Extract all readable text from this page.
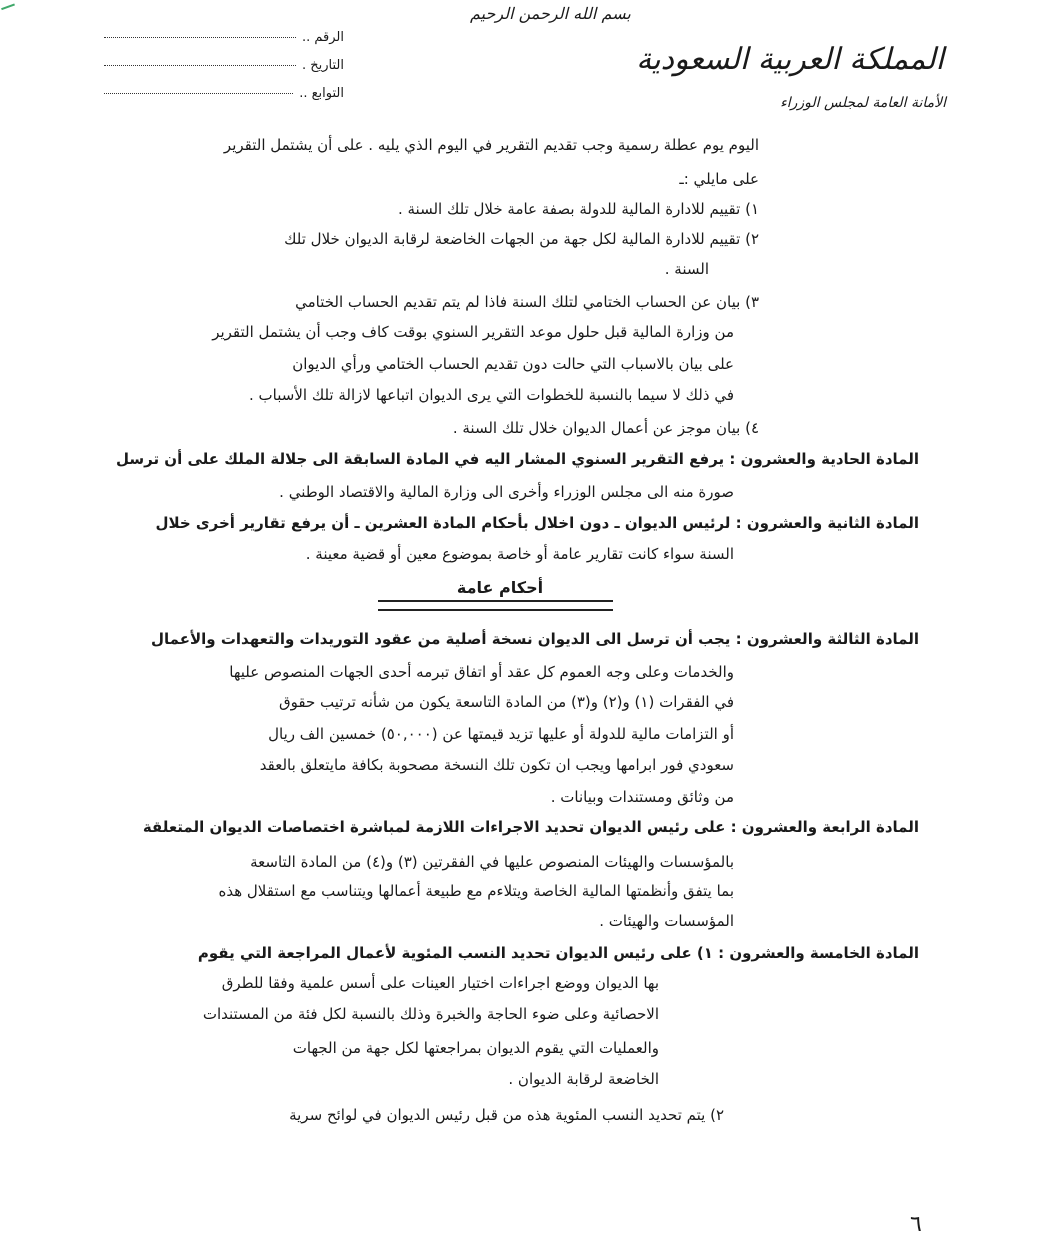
بسم الله الرحمن الرحيم
الرقم ..
التاريخ .
التوابع ..
المملكة العربية السعودية
الأمانة العامة لمجلس الوزراء
اليوم يوم عطلة رسمية وجب تقديم التقرير في اليوم الذي يليه . على أن يشتمل التقرير
على مايلي :ـ
١) تقييم للادارة المالية للدولة بصفة عامة خلال تلك السنة .
٢) تقييم للادارة المالية لكل جهة من الجهات الخاضعة لرقابة الديوان خلال تلك
السنة .
٣) بيان عن الحساب الختامي لتلك السنة فاذا لم يتم تقديم الحساب الختامي
من وزارة المالية قبل حلول موعد التقرير السنوي بوقت كاف وجب أن يشتمل التقرير
على بيان بالاسباب التي حالت دون تقديم الحساب الختامي ورأي الديوان
في ذلك لا سيما بالنسبة للخطوات التي يرى الديوان اتباعها لازالة تلك الأسباب .
٤) بيان موجز عن أعمال الديوان خلال تلك السنة .
المادة الحادية والعشرون : يرفع التقرير السنوي المشار اليه في المادة السابقة الى جلالة الملك على أن ترسل
صورة منه الى مجلس الوزراء وأخرى الى وزارة المالية والاقتصاد الوطني .
المادة الثانية والعشرون : لرئيس الديوان ـ دون اخلال بأحكام المادة العشرين ـ أن يرفع تقارير أخرى خلال
السنة سواء كانت تقارير عامة أو خاصة بموضوع معين أو قضية معينة .
أحكام عامة
المادة الثالثة والعشرون : يجب أن ترسل الى الديوان نسخة أصلية من عقود التوريدات والتعهدات والأعمال
والخدمات وعلى وجه العموم كل عقد أو اتفاق تبرمه أحدى الجهات المنصوص عليها
في الفقرات (١) و(٢) و(٣) من المادة التاسعة يكون من شأنه ترتيب حقوق
أو التزامات مالية للدولة أو عليها تزيد قيمتها عن (٥٠,٠٠٠) خمسين الف ريال
سعودي فور ابرامها ويجب ان تكون تلك النسخة مصحوبة بكافة مايتعلق بالعقد
من وثائق ومستندات وبيانات .
المادة الرابعة والعشرون : على رئيس الديوان تحديد الاجراءات اللازمة لمباشرة اختصاصات الديوان المتعلقة
بالمؤسسات والهيئات المنصوص عليها في الفقرتين (٣) و(٤) من المادة التاسعة
بما يتفق وأنظمتها المالية الخاصة ويتلاءم مع طبيعة أعمالها ويتناسب مع استقلال هذه
المؤسسات والهيئات .
المادة الخامسة والعشرون : ١) على رئيس الديوان تحديد النسب المئوية لأعمال المراجعة التي يقوم
بها الديوان ووضع اجراءات اختيار العينات على أسس علمية وفقا للطرق
الاحصائية وعلى ضوء الحاجة والخبرة وذلك بالنسبة لكل فئة من المستندات
والعمليات التي يقوم الديوان بمراجعتها لكل جهة من الجهات
الخاضعة لرقابة الديوان .
٢) يتم تحديد النسب المئوية هذه من قبل رئيس الديوان في لوائح سرية
٦
